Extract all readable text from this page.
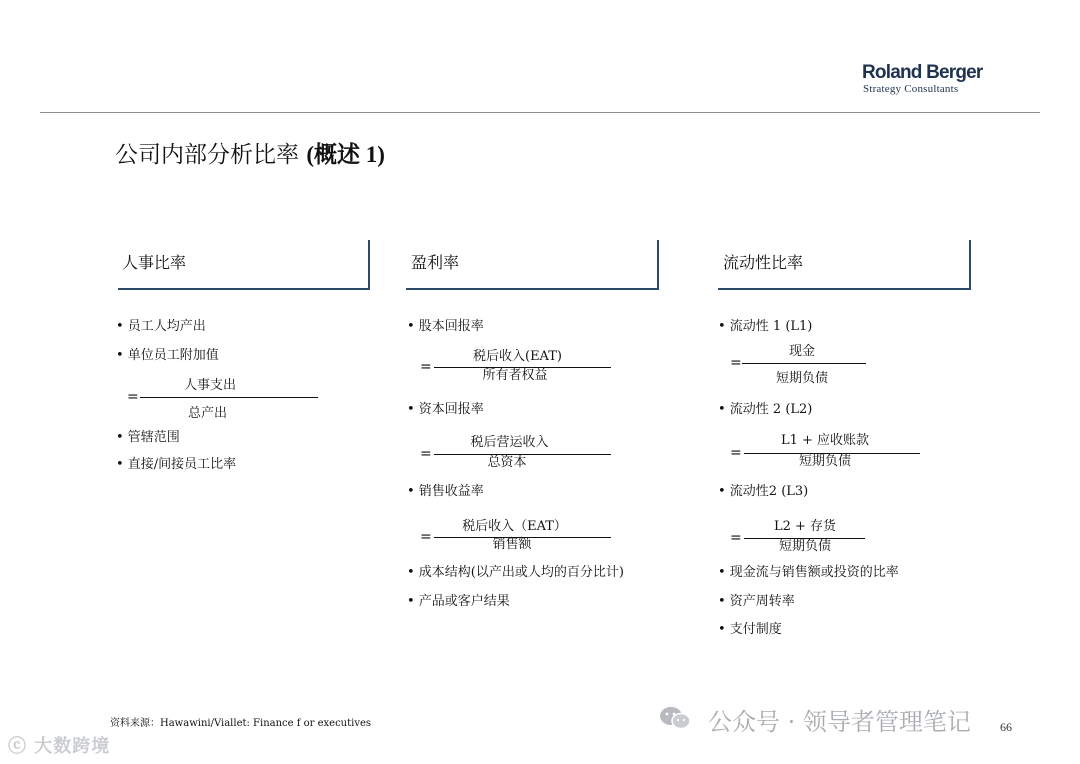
Roland Berger
Strategy Consultants
公司内部分析比率 (概述 1)
人事比率
• 员工人均产出
• 单位员工附加值
人事支出
=
总产出
• 管辖范围
• 直接/间接员工比率
盈利率
• 股本回报率
税后收入(EAT)
=
所有者权益
• 资本回报率
税后营运收入
=
总资本
• 销售收益率
税后收入（EAT）
=	销售额
• 成本结构(以产出或人均的百分比计)
• 产品或客户结果
流动性比率
• 流动性 1 (L1)
现金
=
短期负债
• 流动性 2 (L2)
L1 + 应收账款
=
短期负债
• 流动性2 (L3)
L2 + 存货
=
短期负债
• 现金流与销售额或投资的比率
• 资产周转率
• 支付制度
资料来源：Hawawini/Viallet: Finance f or executives	公众号 · 领导者管理笔记
ⓒ 大数跨境
66
